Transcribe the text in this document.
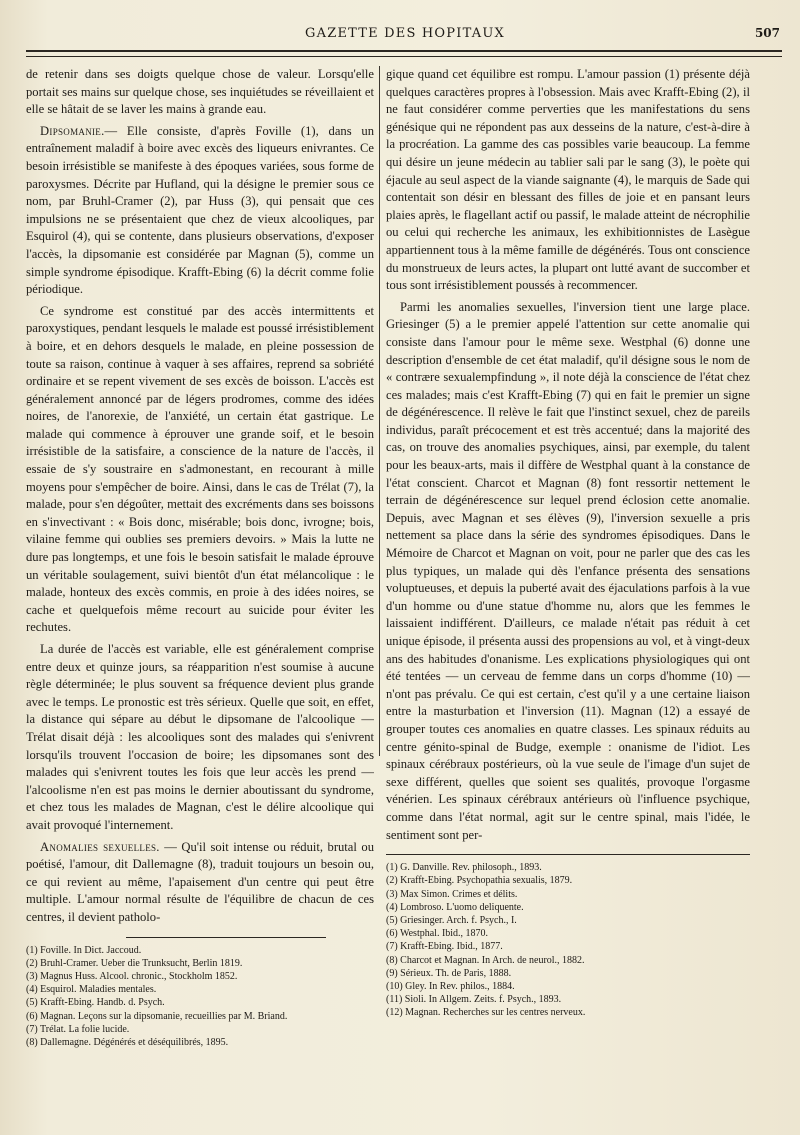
GAZETTE DES HOPITAUX	507

de retenir dans ses doigts quelque chose de valeur. Lorsqu'elle portait ses mains sur quelque chose, ses inquiétudes se réveillaient et elle se hâtait de se laver les mains à grande eau.

Dipsomanie.— Elle consiste, d'après Foville (1), dans un entraînement maladif à boire avec excès des liqueurs enivrantes. Ce besoin irrésistible se manifeste à des époques variées, sous forme de paroxysmes. Décrite par Hufland, qui la désigne le premier sous ce nom, par Bruhl-Cramer (2), par Huss (3), qui pensait que ces impulsions ne se présentaient que chez de vieux alcooliques, par Esquirol (4), qui se contente, dans plusieurs observations, d'exposer l'accès, la dipsomanie est considérée par Magnan (5), comme un simple syndrome épisodique. Krafft-Ebing (6) la décrit comme folie périodique.

Ce syndrome est constitué par des accès intermittents et paroxystiques, pendant lesquels le malade est poussé irrésistiblement à boire, et en dehors desquels le malade, en pleine possession de toute sa raison, continue à vaquer à ses affaires, reprend sa sobriété ordinaire et se repent vivement de ses excès de boisson. L'accès est généralement annoncé par de légers prodromes, comme des idées noires, de l'anorexie, de l'anxiété, un certain état gastrique. Le malade qui commence à éprouver une grande soif, et le besoin irrésistible de la satisfaire, a conscience de la nature de l'accès, il essaie de s'y soustraire en s'admonestant, en recourant à mille moyens pour s'empêcher de boire. Ainsi, dans le cas de Trélat (7), la malade, pour s'en dégoûter, mettait des excréments dans ses boissons en s'invectivant : « Bois donc, misérable; bois donc, ivrogne; bois, vilaine femme qui oublies ses premiers devoirs. » Mais la lutte ne dure pas longtemps, et une fois le besoin satisfait le malade éprouve un véritable soulagement, suivi bientôt d'un état mélancolique : le malade, honteux des excès commis, en proie à des idées noires, se cache et quelquefois même recourt au suicide pour éviter les rechutes.

La durée de l'accès est variable, elle est généralement comprise entre deux et quinze jours, sa réapparition n'est soumise à aucune règle déterminée; le plus souvent sa fréquence devient plus grande avec le temps. Le pronostic est très sérieux. Quelle que soit, en effet, la distance qui sépare au début le dipsomane de l'alcoolique — Trélat disait déjà : les alcooliques sont des malades qui s'enivrent lorsqu'ils trouvent l'occasion de boire; les dipsomanes sont des malades qui s'enivrent toutes les fois que leur accès les prend — l'alcoolisme n'en est pas moins le dernier aboutissant du syndrome, et chez tous les malades de Magnan, c'est le délire alcoolique qui avait provoqué l'internement.

Anomalies sexuelles. — Qu'il soit intense ou réduit, brutal ou poétisé, l'amour, dit Dallemagne (8), traduit toujours un besoin ou, ce qui revient au même, l'apaisement d'un centre qui peut être multiple. L'amour normal résulte de l'équilibre de chacun de ces centres, il devient patholo-

(1) Foville. In Dict. Jaccoud.
(2) Bruhl-Cramer. Ueber die Trunksucht, Berlin 1819.
(3) Magnus Huss. Alcool. chronic., Stockholm 1852.
(4) Esquirol. Maladies mentales.
(5) Krafft-Ebing. Handb. d. Psych.
(6) Magnan. Leçons sur la dipsomanie, recueillies par M. Briand.
(7) Trélat. La folie lucide.
(8) Dallemagne. Dégénérés et déséquilibrés, 1895.

gique quand cet équilibre est rompu. L'amour passion (1) présente déjà quelques caractères propres à l'obsession. Mais avec Krafft-Ebing (2), il ne faut considérer comme perverties que les manifestations du sens génésique qui ne répondent pas aux desseins de la nature, c'est-à-dire à la procréation. La gamme des cas possibles varie beaucoup. La femme qui désire un jeune médecin au tablier sali par le sang (3), le poète qui éjacule au seul aspect de la viande saignante (4), le marquis de Sade qui contentait son désir en blessant des filles de joie et en pansant leurs plaies après, le flagellant actif ou passif, le malade atteint de nécrophilie ou celui qui recherche les animaux, les exhibitionnistes de Lasègue appartiennent tous à la même famille de dégénérés. Tous ont conscience du monstrueux de leurs actes, la plupart ont lutté avant de succomber et tous sont irrésistiblement poussés à recommencer.

Parmi les anomalies sexuelles, l'inversion tient une large place. Griesinger (5) a le premier appelé l'attention sur cette anomalie qui consiste dans l'amour pour le même sexe. Westphal (6) donne une description d'ensemble de cet état maladif, qu'il désigne sous le nom de « contrære sexualempfindung », il note déjà la conscience de l'état chez ces malades; mais c'est Krafft-Ebing (7) qui en fait le premier un signe de dégénérescence. Il relève le fait que l'instinct sexuel, chez de pareils individus, paraît précocement et est très accentué; dans la majorité des cas, on trouve des anomalies psychiques, ainsi, par exemple, du talent pour les beaux-arts, mais il diffère de Westphal quant à la constance de l'état conscient. Charcot et Magnan (8) font ressortir nettement le terrain de dégénérescence sur lequel prend éclosion cette anomalie. Depuis, avec Magnan et ses élèves (9), l'inversion sexuelle a pris nettement sa place dans la série des syndromes épisodiques. Dans le Mémoire de Charcot et Magnan on voit, pour ne parler que des cas les plus typiques, un malade qui dès l'enfance présenta des sensations voluptueuses, et depuis la puberté avait des éjaculations parfois à la vue d'un homme ou d'une statue d'homme nu, alors que les femmes le laissaient indifférent. D'ailleurs, ce malade n'était pas réduit à cet unique épisode, il présenta aussi des propensions au vol, et à vingt-deux ans des habitudes d'onanisme. Les explications physiologiques qui ont été tentées — un cerveau de femme dans un corps d'homme (10) — n'ont pas prévalu. Ce qui est certain, c'est qu'il y a une certaine liaison entre la masturbation et l'inversion (11). Magnan (12) a essayé de grouper toutes ces anomalies en quatre classes. Les spinaux réduits au centre génito-spinal de Budge, exemple : onanisme de l'idiot. Les spinaux cérébraux postérieurs, où la vue seule de l'image d'un sujet de sexe différent, quelles que soient ses qualités, provoque l'orgasme vénérien. Les spinaux cérébraux antérieurs où l'influence psychique, comme dans l'état normal, agit sur le centre spinal, mais l'idée, le sentiment sont per-

(1) G. Danville. Rev. philosoph., 1893.
(2) Krafft-Ebing. Psychopathia sexualis, 1879.
(3) Max Simon. Crimes et délits.
(4) Lombroso. L'uomo deliquente.
(5) Griesinger. Arch. f. Psych., I.
(6) Westphal. Ibid., 1870.
(7) Krafft-Ebing. Ibid., 1877.
(8) Charcot et Magnan. In Arch. de neurol., 1882.
(9) Sérieux. Th. de Paris, 1888.
(10) Gley. In Rev. philos., 1884.
(11) Sioli. In Allgem. Zeits. f. Psych., 1893.
(12) Magnan. Recherches sur les centres nerveux.
